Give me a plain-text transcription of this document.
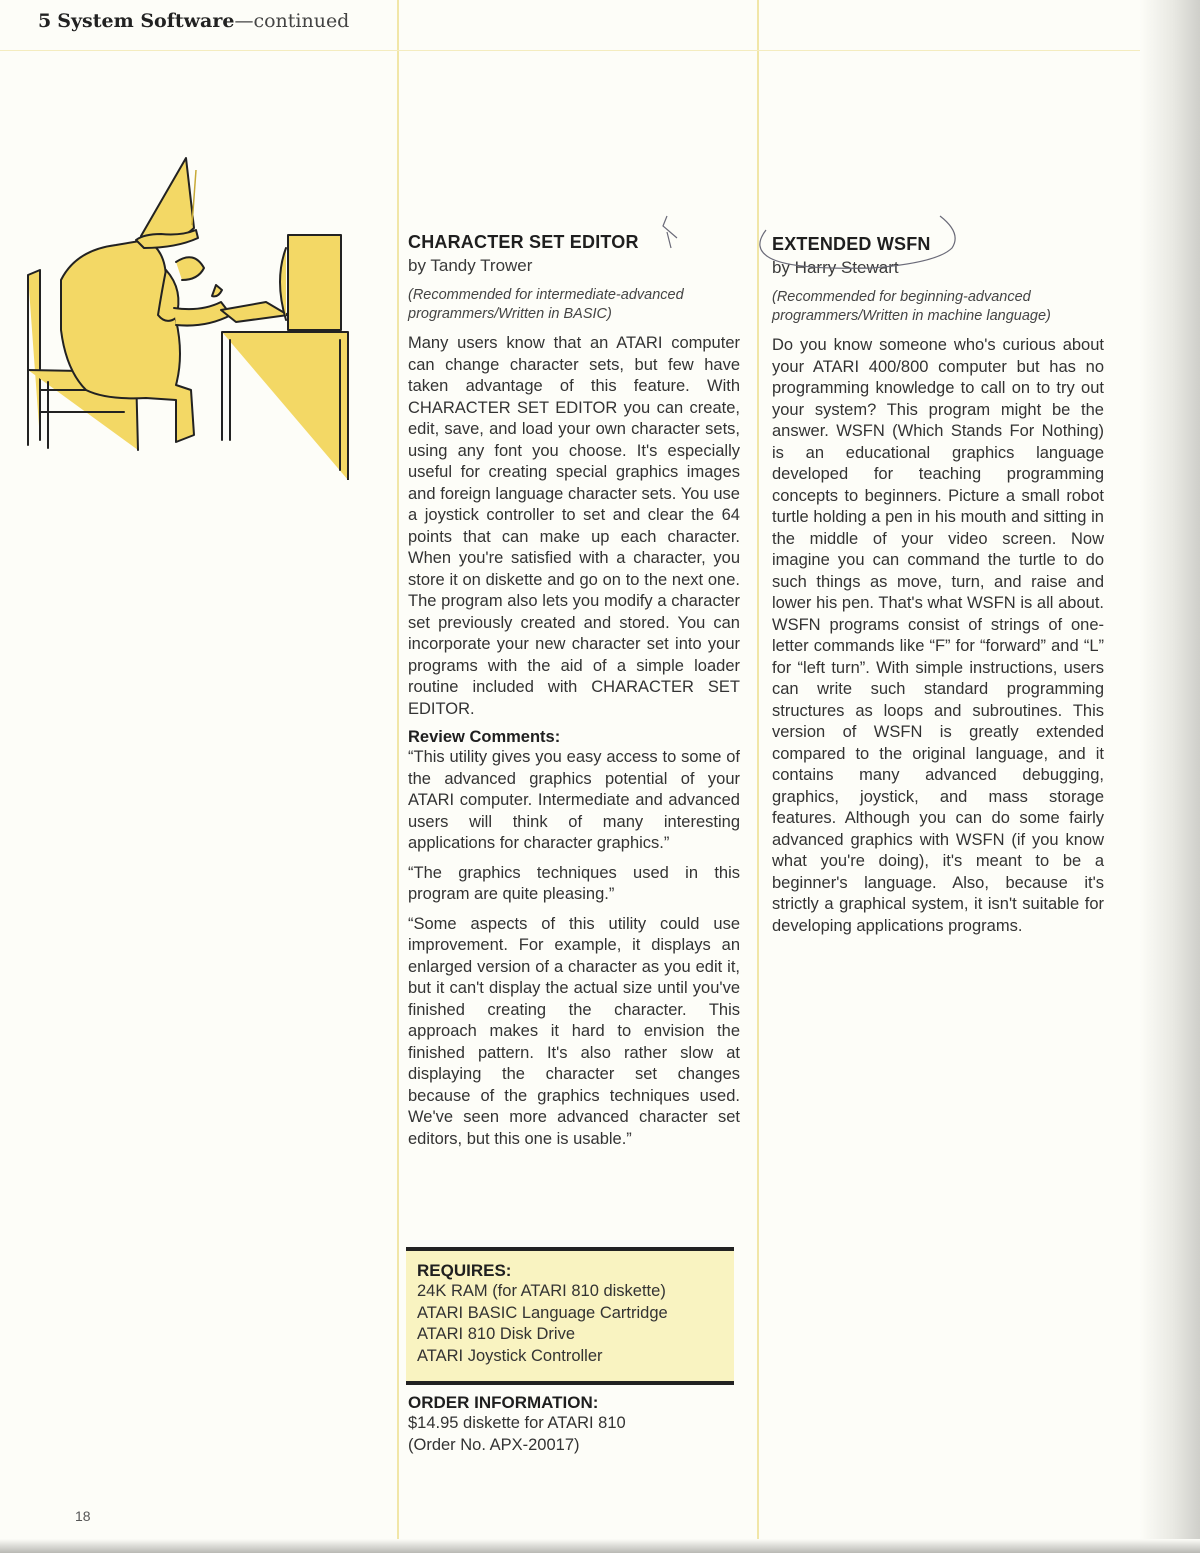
5 System Software—continued
CHARACTER SET EDITOR
by Tandy Trower
(Recommended for intermediate-advanced programmers/Written in BASIC)
Many users know that an ATARI computer can change character sets, but few have taken advantage of this feature. With CHARACTER SET EDITOR you can create, edit, save, and load your own character sets, using any font you choose. It's especially useful for creating special graphics images and foreign language character sets. You use a joystick controller to set and clear the 64 points that can make up each character. When you're satisfied with a character, you store it on diskette and go on to the next one. The program also lets you modify a character set previously created and stored. You can incorporate your new character set into your programs with the aid of a simple loader routine included with CHARACTER SET EDITOR.
Review Comments:
“This utility gives you easy access to some of the advanced graphics potential of your ATARI computer. Intermediate and advanced users will think of many interesting applications for character graphics.”
“The graphics techniques used in this program are quite pleasing.”
“Some aspects of this utility could use improvement. For example, it displays an enlarged version of a character as you edit it, but it can't display the actual size until you've finished creating the character. This approach makes it hard to envision the finished pattern. It's also rather slow at displaying the character set changes because of the graphics techniques used. We've seen more advanced character set editors, but this one is usable.”
REQUIRES:
24K RAM (for ATARI 810 diskette)
ATARI BASIC Language Cartridge
ATARI 810 Disk Drive
ATARI Joystick Controller
ORDER INFORMATION:
$14.95 diskette for ATARI 810
(Order No. APX-20017)
EXTENDED WSFN
by Harry Stewart
(Recommended for beginning-advanced programmers/Written in machine language)
Do you know someone who's curious about your ATARI 400/800 computer but has no programming knowledge to call on to try out your system? This program might be the answer. WSFN (Which Stands For Nothing) is an educational graphics language developed for teaching programming concepts to beginners. Picture a small robot turtle holding a pen in his mouth and sitting in the middle of your video screen. Now imagine you can command the turtle to do such things as move, turn, and raise and lower his pen. That's what WSFN is all about. WSFN programs consist of strings of one-letter commands like “F” for “forward” and “L” for “left turn”. With simple instructions, users can write such standard programming structures as loops and subroutines. This version of WSFN is greatly extended compared to the original language, and it contains many advanced debugging, graphics, joystick, and mass storage features. Although you can do some fairly advanced graphics with WSFN (if you know what you're doing), it's meant to be a beginner's language. Also, because it's strictly a graphical system, it isn't suitable for developing applications programs.
18
